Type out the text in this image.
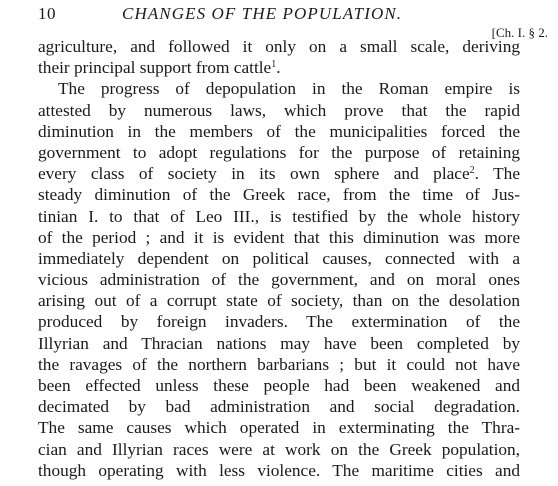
10	CHANGES OF THE POPULATION.
[Ch. I. § 2.
agriculture, and followed it only on a small scale, deriving
their principal support from cattle$^1$.
The progress of depopulation in the Roman empire is
attested by numerous laws, which prove that the rapid
diminution in the members of the municipalities forced the
government to adopt regulations for the purpose of retaining
every class of society in its own sphere and place$^2$. The
steady diminution of the Greek race, from the time of Jus-
tinian I. to that of Leo III., is testified by the whole history
of the period ; and it is evident that this diminution was more
immediately dependent on political causes, connected with a
vicious administration of the government, and on moral ones
arising out of a corrupt state of society, than on the desolation
produced by foreign invaders. The extermination of the
Illyrian and Thracian nations may have been completed by
the ravages of the northern barbarians ; but it could not have
been effected unless these people had been weakened and
decimated by bad administration and social degradation.
The same causes which operated in exterminating the Thra-
cian and Illyrian races were at work on the Greek population,
though operating with less violence. The maritime cities and
